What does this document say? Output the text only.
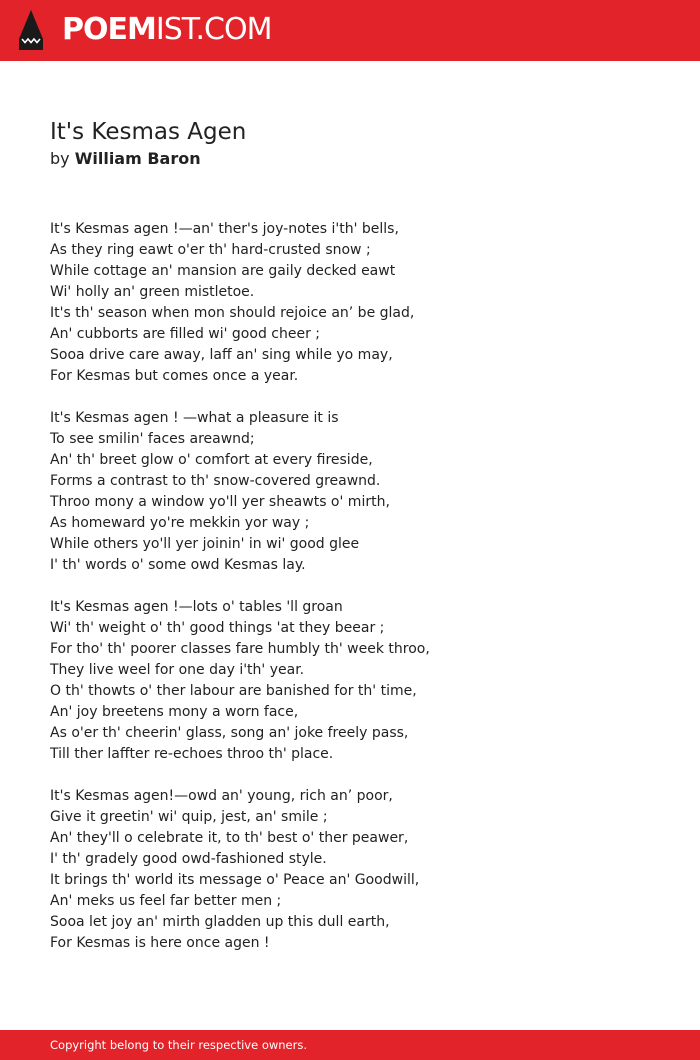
POEMIST.COM
It's Kesmas Agen
by William Baron
It's Kesmas agen !—an' ther's joy-notes i'th' bells,
As they ring eawt o'er th' hard-crusted snow ;
While cottage an' mansion are gaily decked eawt
Wi' holly an' green mistletoe.
It's th' season when mon should rejoice an’ be glad,
An' cubborts are filled wi' good cheer ;
Sooa drive care away, laff an' sing while yo may,
For Kesmas but comes once a year.
It's Kesmas agen ! —what a pleasure it is
To see smilin' faces areawnd;
An' th' breet glow o' comfort at every fireside,
Forms a contrast to th' snow-covered greawnd.
Throo mony a window yo'll yer sheawts o' mirth,
As homeward yo're mekkin yor way ;
While others yo'll yer joinin' in wi' good glee
I' th' words o' some owd Kesmas lay.
It's Kesmas agen !—lots o' tables 'll groan
Wi' th' weight o' th' good things 'at they beear ;
For tho' th' poorer classes fare humbly th' week throo,
They live weel for one day i'th' year.
O th' thowts o' ther labour are banished for th' time,
An' joy breetens mony a worn face,
As o'er th' cheerin' glass, song an' joke freely pass,
Till ther laffter re-echoes throo th' place.
It's Kesmas agen!—owd an' young, rich an’ poor,
Give it greetin' wi' quip, jest, an' smile ;
An' they'll o celebrate it, to th' best o' ther peawer,
I' th' gradely good owd-fashioned style.
It brings th' world its message o' Peace an' Goodwill,
An' meks us feel far better men ;
Sooa let joy an' mirth gladden up this dull earth,
For Kesmas is here once agen !
Copyright belong to their respective owners.
